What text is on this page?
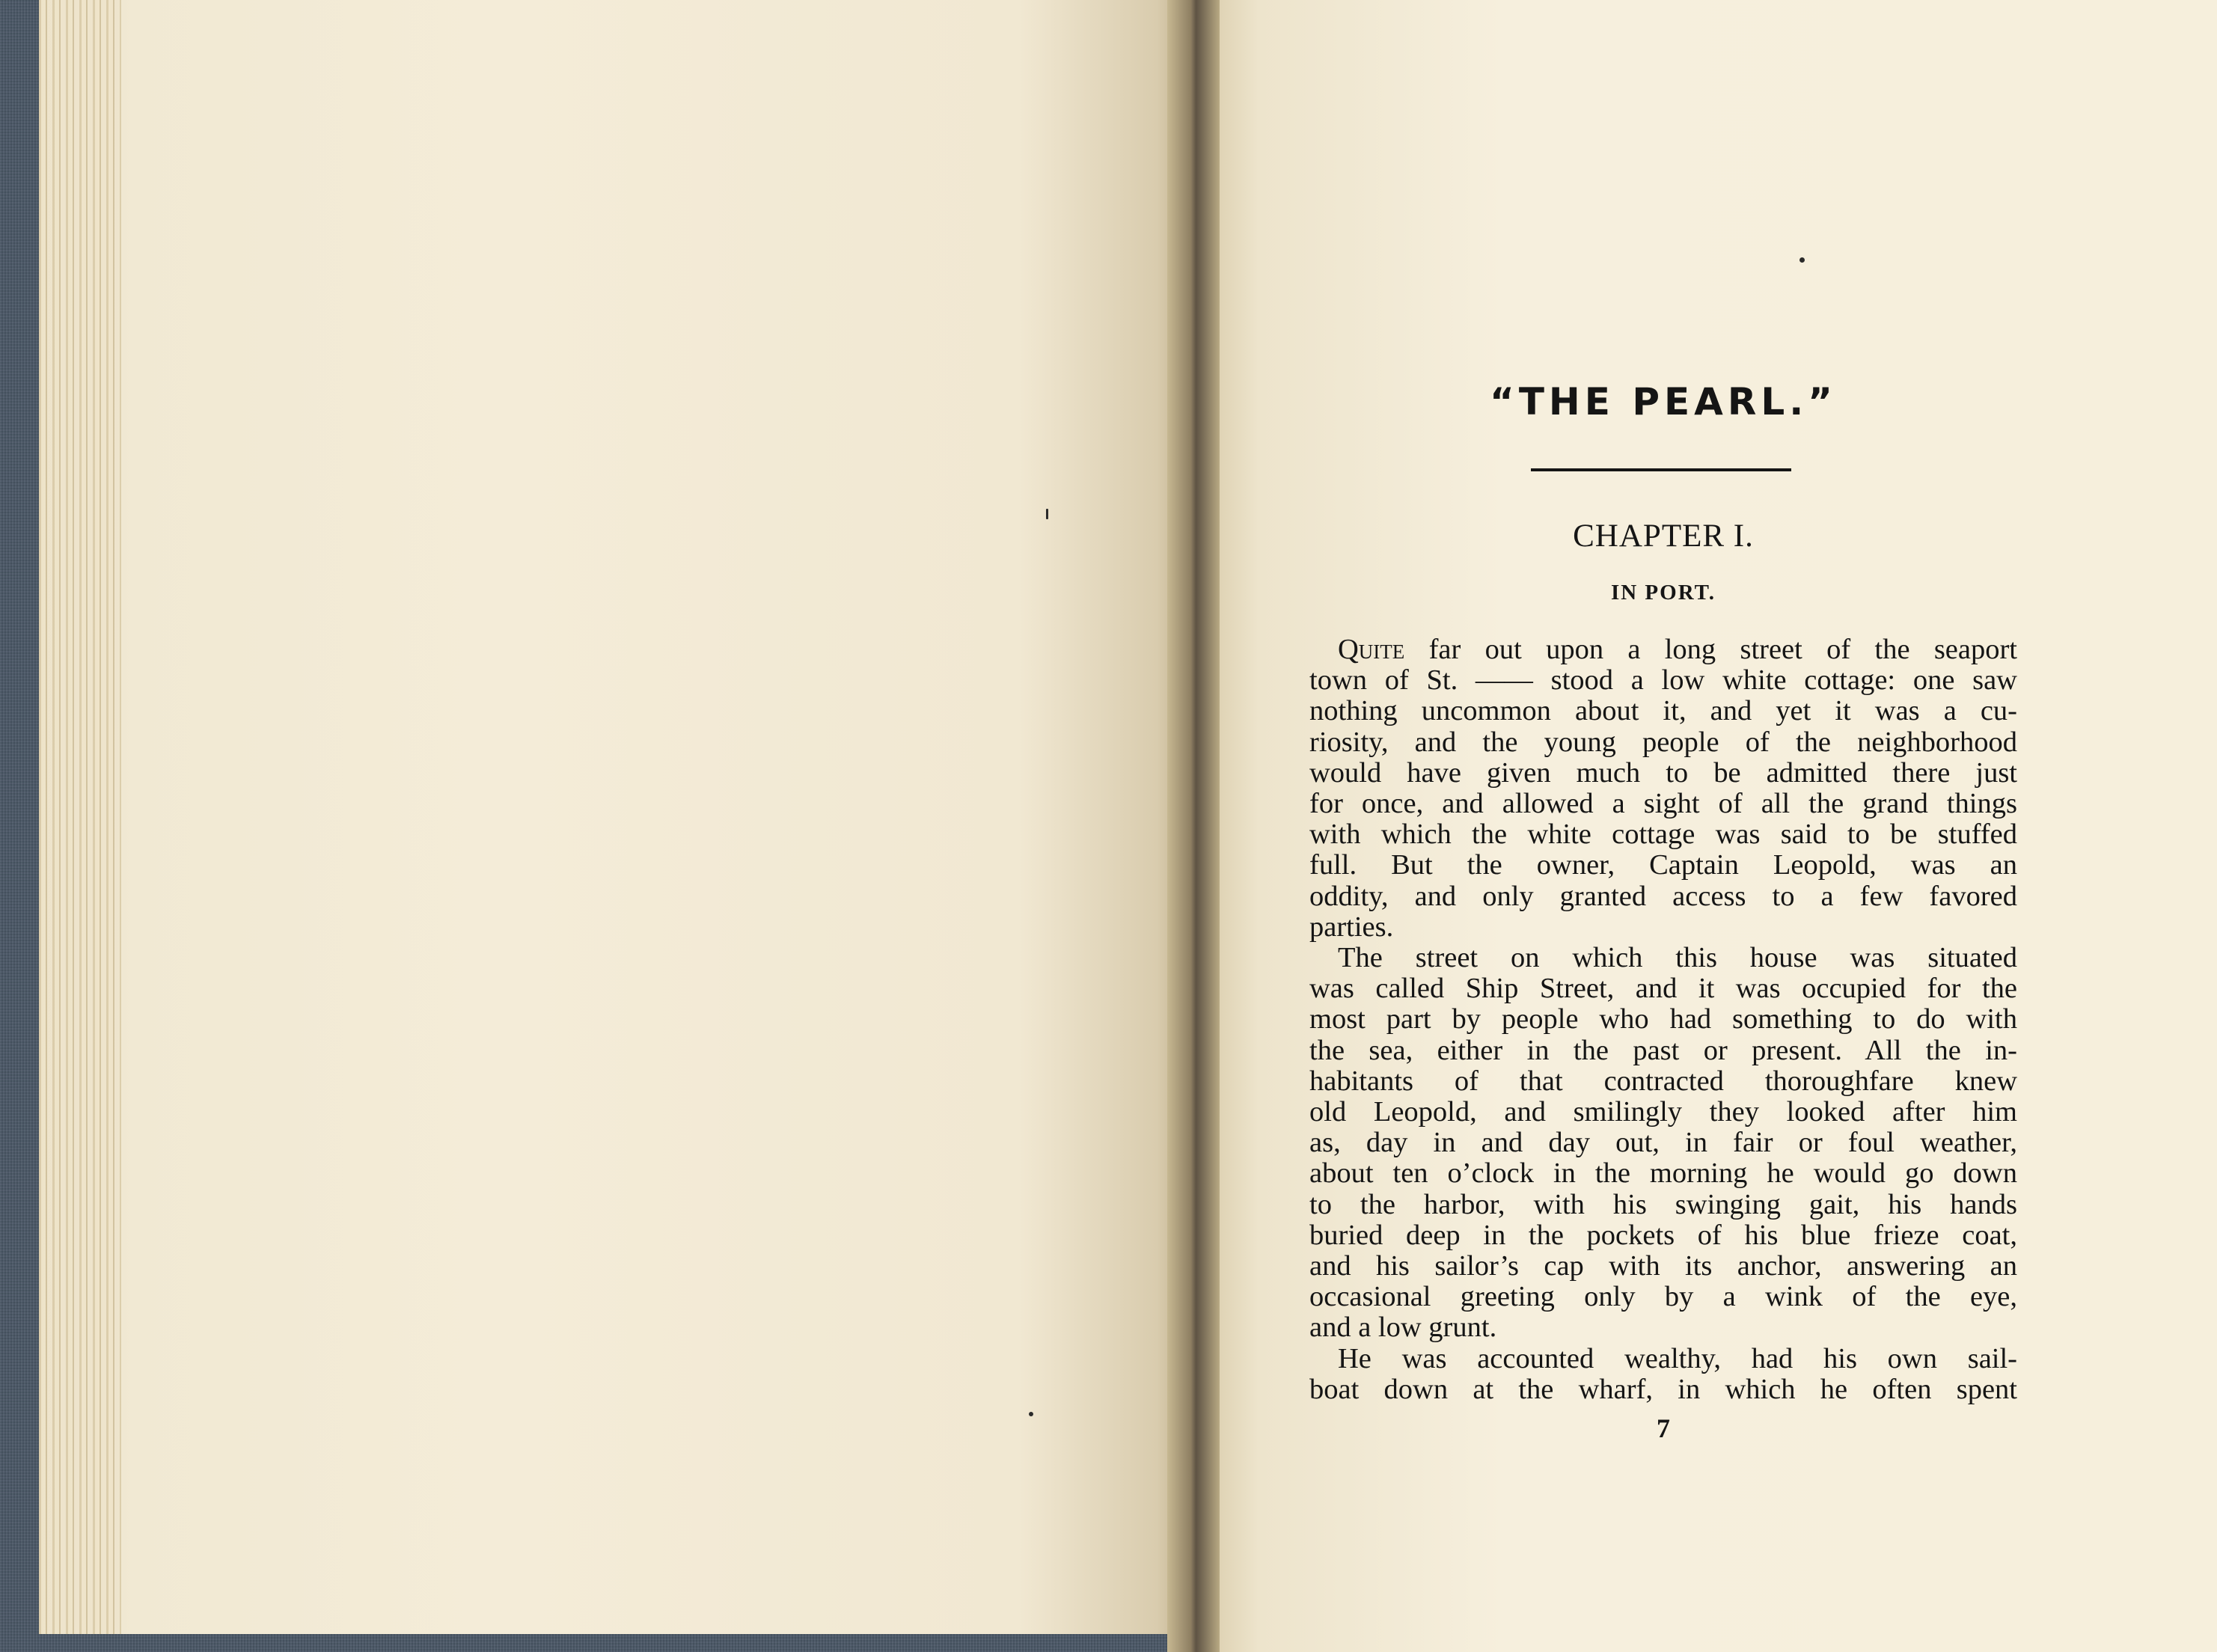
“THE PEARL.”
CHAPTER I.
IN PORT.
Quite far out upon a long street of the seaport
town of St. —— stood a low white cottage: one saw
nothing uncommon about it, and yet it was a cu-
riosity, and the young people of the neighborhood
would have given much to be admitted there just
for once, and allowed a sight of all the grand things
with which the white cottage was said to be stuffed
full. But the owner, Captain Leopold, was an
oddity, and only granted access to a few favored
parties.
The street on which this house was situated
was called Ship Street, and it was occupied for the
most part by people who had something to do with
the sea, either in the past or present. All the in-
habitants of that contracted thoroughfare knew
old Leopold, and smilingly they looked after him
as, day in and day out, in fair or foul weather,
about ten o’clock in the morning he would go down
to the harbor, with his swinging gait, his hands
buried deep in the pockets of his blue frieze coat,
and his sailor’s cap with its anchor, answering an
occasional greeting only by a wink of the eye,
and a low grunt.
He was accounted wealthy, had his own sail-
boat down at the wharf, in which he often spent
7
